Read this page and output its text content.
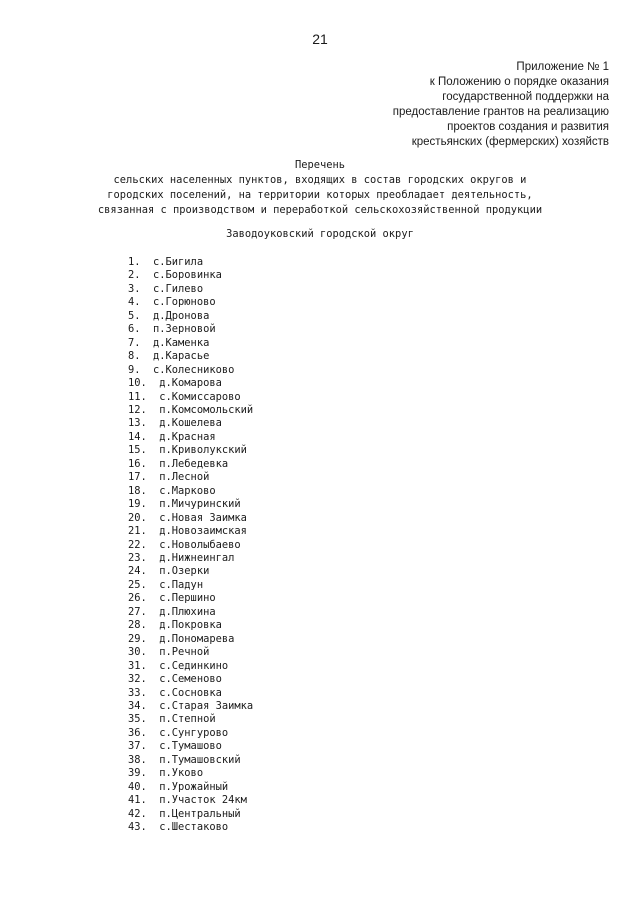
21
Приложение № 1
к Положению о порядке оказания
государственной поддержки на
предоставление грантов на реализацию
проектов создания и развития
крестьянских (фермерских) хозяйств
Перечень
сельских населенных пунктов, входящих в состав городских округов и
городских поселений, на территории которых преобладает деятельность,
связанная с производством и переработкой сельскохозяйственной продукции
Заводоуковский городской округ
1.  с.Бигила
2.  с.Боровинка
3.  с.Гилево
4.  с.Горюново
5.  д.Дронова
6.  п.Зерновой
7.  д.Каменка
8.  д.Карасье
9.  с.Колесниково
10.  д.Комарова
11.  с.Комиссарово
12.  п.Комсомольский
13.  д.Кошелева
14.  д.Красная
15.  п.Криволукский
16.  п.Лебедевка
17.  п.Лесной
18.  с.Марково
19.  п.Мичуринский
20.  с.Новая Заимка
21.  д.Новозаимская
22.  с.Новолыбаево
23.  д.Нижнеингал
24.  п.Озерки
25.  с.Падун
26.  с.Першино
27.  д.Плюхина
28.  д.Покровка
29.  д.Пономарева
30.  п.Речной
31.  с.Сединкино
32.  с.Семеново
33.  с.Сосновка
34.  с.Старая Заимка
35.  п.Степной
36.  с.Сунгурово
37.  с.Тумашово
38.  п.Тумашовский
39.  п.Уково
40.  п.Урожайный
41.  п.Участок 24км
42.  п.Центральный
43.  с.Шестаково
